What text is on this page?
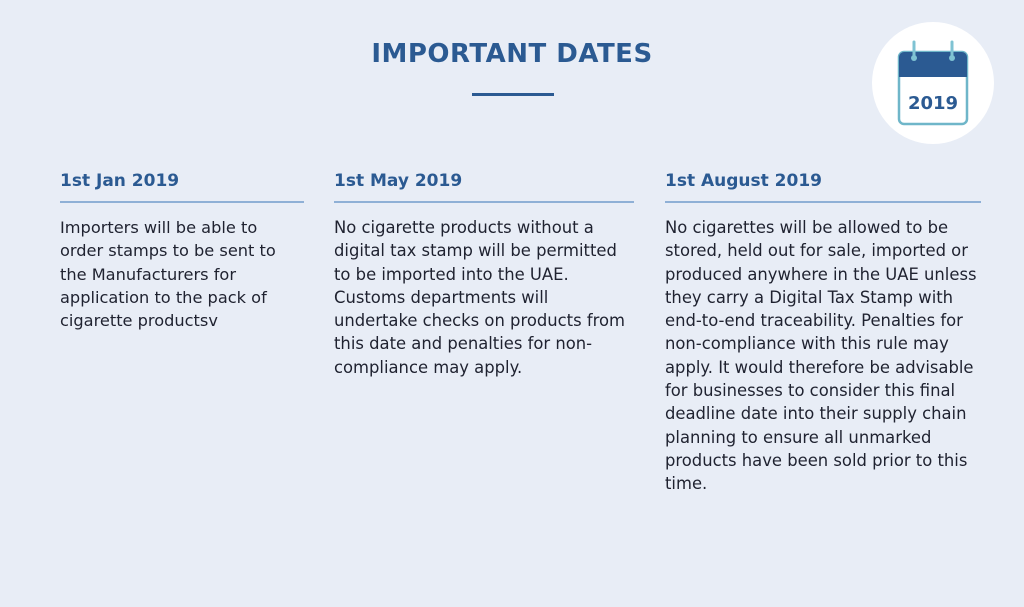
IMPORTANT DATES
2019
1st Jan 2019

Importers will be able to order stamps to be sent to the Manufacturers for application to the pack of cigarette productsv

1st May 2019

No cigarette products without a digital tax stamp will be permitted to be imported into the UAE. Customs departments will undertake checks on products from this date and penalties for non-compliance may apply.

1st August 2019

No cigarettes will be allowed to be stored, held out for sale, imported or produced anywhere in the UAE unless they carry a Digital Tax Stamp with end-to-end traceability. Penalties for non-compliance with this rule may apply. It would therefore be advisable for businesses to consider this final deadline date into their supply chain planning to ensure all unmarked products have been sold prior to this time.
